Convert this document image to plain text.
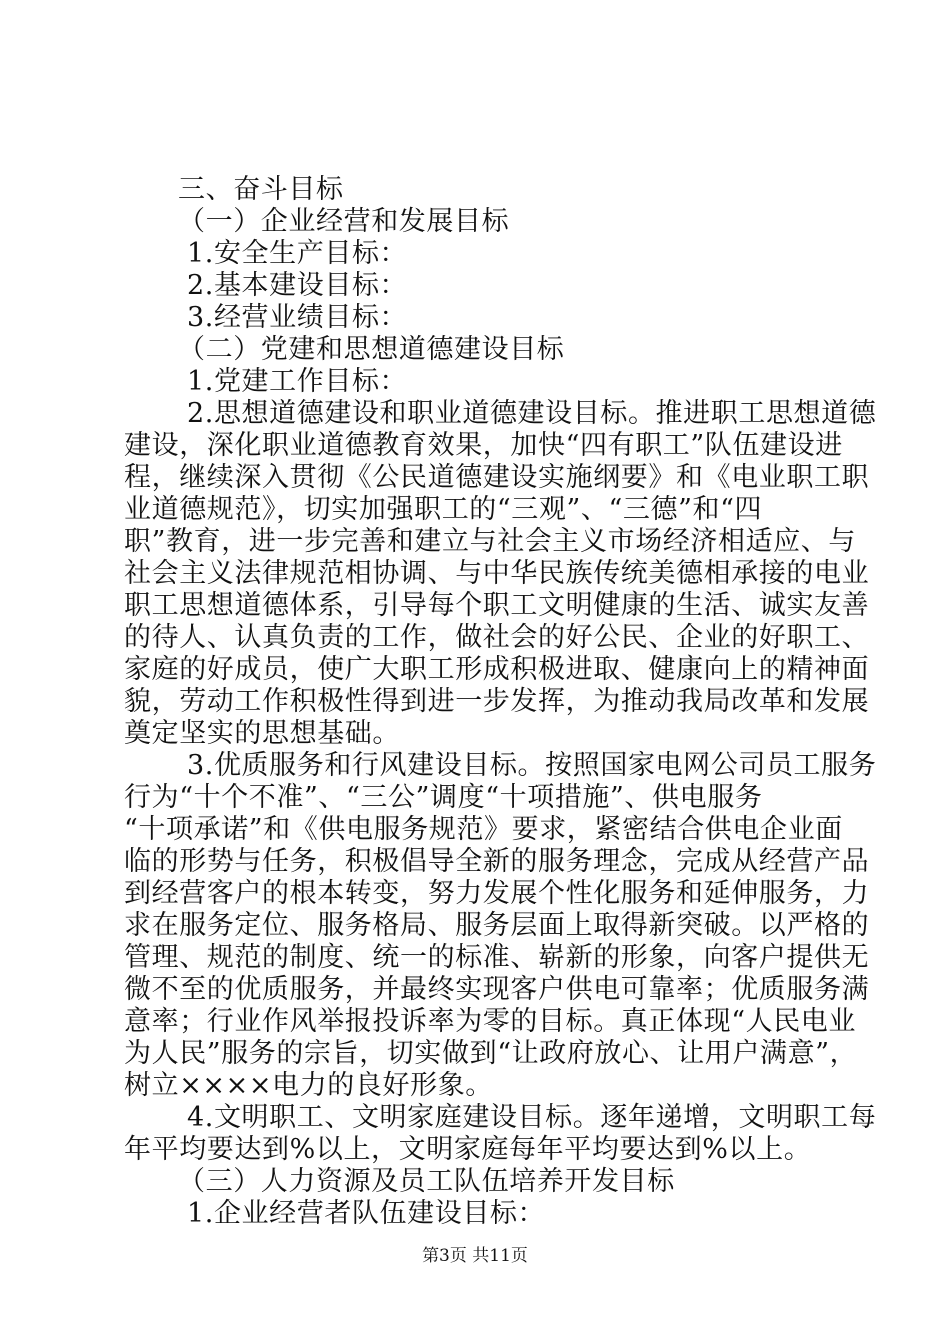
三、奋斗目标
（一）企业经营和发展目标
1.安全生产目标：
2.基本建设目标：
3.经营业绩目标：
（二）党建和思想道德建设目标
1.党建工作目标：
2.思想道德建设和职业道德建设目标。推进职工思想道德
建设，深化职业道德教育效果，加快“四有职工”队伍建设进
程，继续深入贯彻《公民道德建设实施纲要》和《电业职工职
业道德规范》，切实加强职工的“三观”、“三德”和“四
职”教育，进一步完善和建立与社会主义市场经济相适应、与
社会主义法律规范相协调、与中华民族传统美德相承接的电业
职工思想道德体系，引导每个职工文明健康的生活、诚实友善
的待人、认真负责的工作，做社会的好公民、企业的好职工、
家庭的好成员，使广大职工形成积极进取、健康向上的精神面
貌，劳动工作积极性得到进一步发挥，为推动我局改革和发展
奠定坚实的思想基础。
3.优质服务和行风建设目标。按照国家电网公司员工服务
行为“十个不准”、“三公”调度“十项措施”、供电服务
“十项承诺”和《供电服务规范》要求，紧密结合供电企业面
临的形势与任务，积极倡导全新的服务理念，完成从经营产品
到经营客户的根本转变，努力发展个性化服务和延伸服务，力
求在服务定位、服务格局、服务层面上取得新突破。以严格的
管理、规范的制度、统一的标准、崭新的形象，向客户提供无
微不至的优质服务，并最终实现客户供电可靠率；优质服务满
意率；行业作风举报投诉率为零的目标。真正体现“人民电业
为人民”服务的宗旨，切实做到“让政府放心、让用户满意”，
树立××××电力的良好形象。
4.文明职工、文明家庭建设目标。逐年递增，文明职工每
年平均要达到%以上，文明家庭每年平均要达到%以上。
（三）人力资源及员工队伍培养开发目标
1.企业经营者队伍建设目标：
第3页 共11页
